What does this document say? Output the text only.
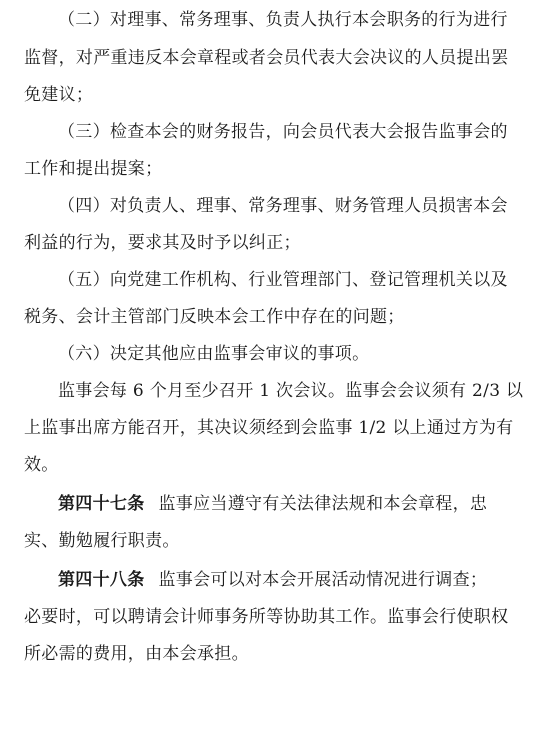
（二）对理事、常务理事、负责人执行本会职务的行为进行
监督，对严重违反本会章程或者会员代表大会决议的人员提出罢
免建议；
（三）检查本会的财务报告，向会员代表大会报告监事会的
工作和提出提案；
（四）对负责人、理事、常务理事、财务管理人员损害本会
利益的行为，要求其及时予以纠正；
（五）向党建工作机构、行业管理部门、登记管理机关以及
税务、会计主管部门反映本会工作中存在的问题；
（六）决定其他应由监事会审议的事项。
监事会每 6 个月至少召开 1 次会议。监事会会议须有 2/3 以
上监事出席方能召开，其决议须经到会监事 1/2 以上通过方为有
效。
第四十七条 监事应当遵守有关法律法规和本会章程，忠
实、勤勉履行职责。
第四十八条 监事会可以对本会开展活动情况进行调查；
必要时，可以聘请会计师事务所等协助其工作。监事会行使职权
所必需的费用，由本会承担。
